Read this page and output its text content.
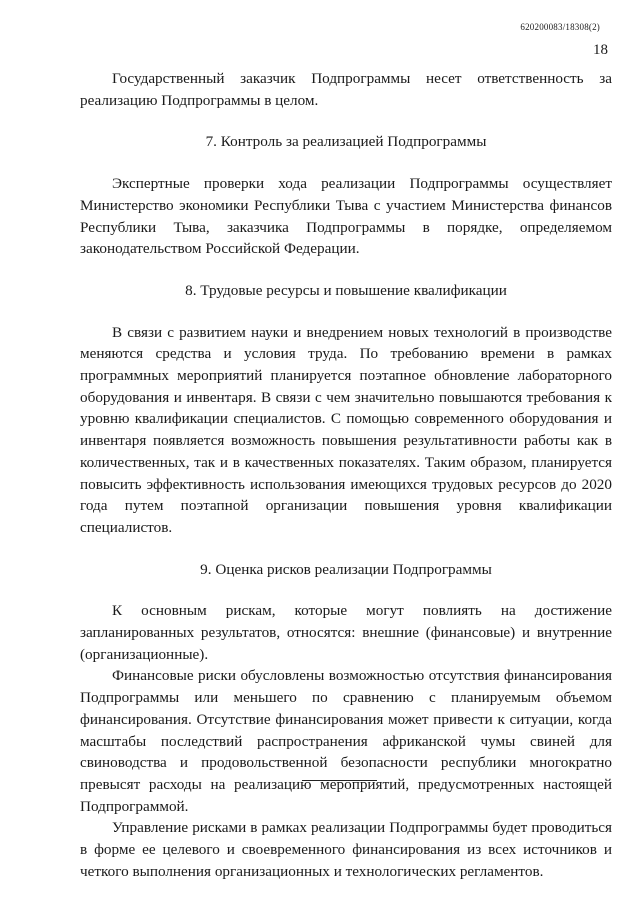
620200083/18308(2)
18

Государственный заказчик Подпрограммы несет ответственность за реализацию Подпрограммы в целом.

7. Контроль за реализацией Подпрограммы

Экспертные проверки хода реализации Подпрограммы осуществляет Министерство экономики Республики Тыва с участием Министерства финансов Республики Тыва, заказчика Подпрограммы в порядке, определяемом законодательством Российской Федерации.

8. Трудовые ресурсы и повышение квалификации

В связи с развитием науки и внедрением новых технологий в производстве меняются средства и условия труда. По требованию времени в рамках программных мероприятий планируется поэтапное обновление лабораторного оборудования и инвентаря. В связи с чем значительно повышаются требования к уровню квалификации специалистов. С помощью современного оборудования и инвентаря появляется возможность повышения результативности работы как в количественных, так и в качественных показателях. Таким образом, планируется повысить эффективность использования имеющихся трудовых ресурсов до 2020 года путем поэтапной организации повышения уровня квалификации специалистов.

9. Оценка рисков реализации Подпрограммы

К основным рискам, которые могут повлиять на достижение запланированных результатов, относятся: внешние (финансовые) и внутренние (организационные).

Финансовые риски обусловлены возможностью отсутствия финансирования Подпрограммы или меньшего по сравнению с планируемым объемом финансирования. Отсутствие финансирования может привести к ситуации, когда масштабы последствий распространения африканской чумы свиней для свиноводства и продовольственной безопасности республики многократно превысят расходы на реализацию мероприятий, предусмотренных настоящей Подпрограммой.

Управление рисками в рамках реализации Подпрограммы будет проводиться в форме ее целевого и своевременного финансирования из всех источников и четкого выполнения организационных и технологических регламентов.
